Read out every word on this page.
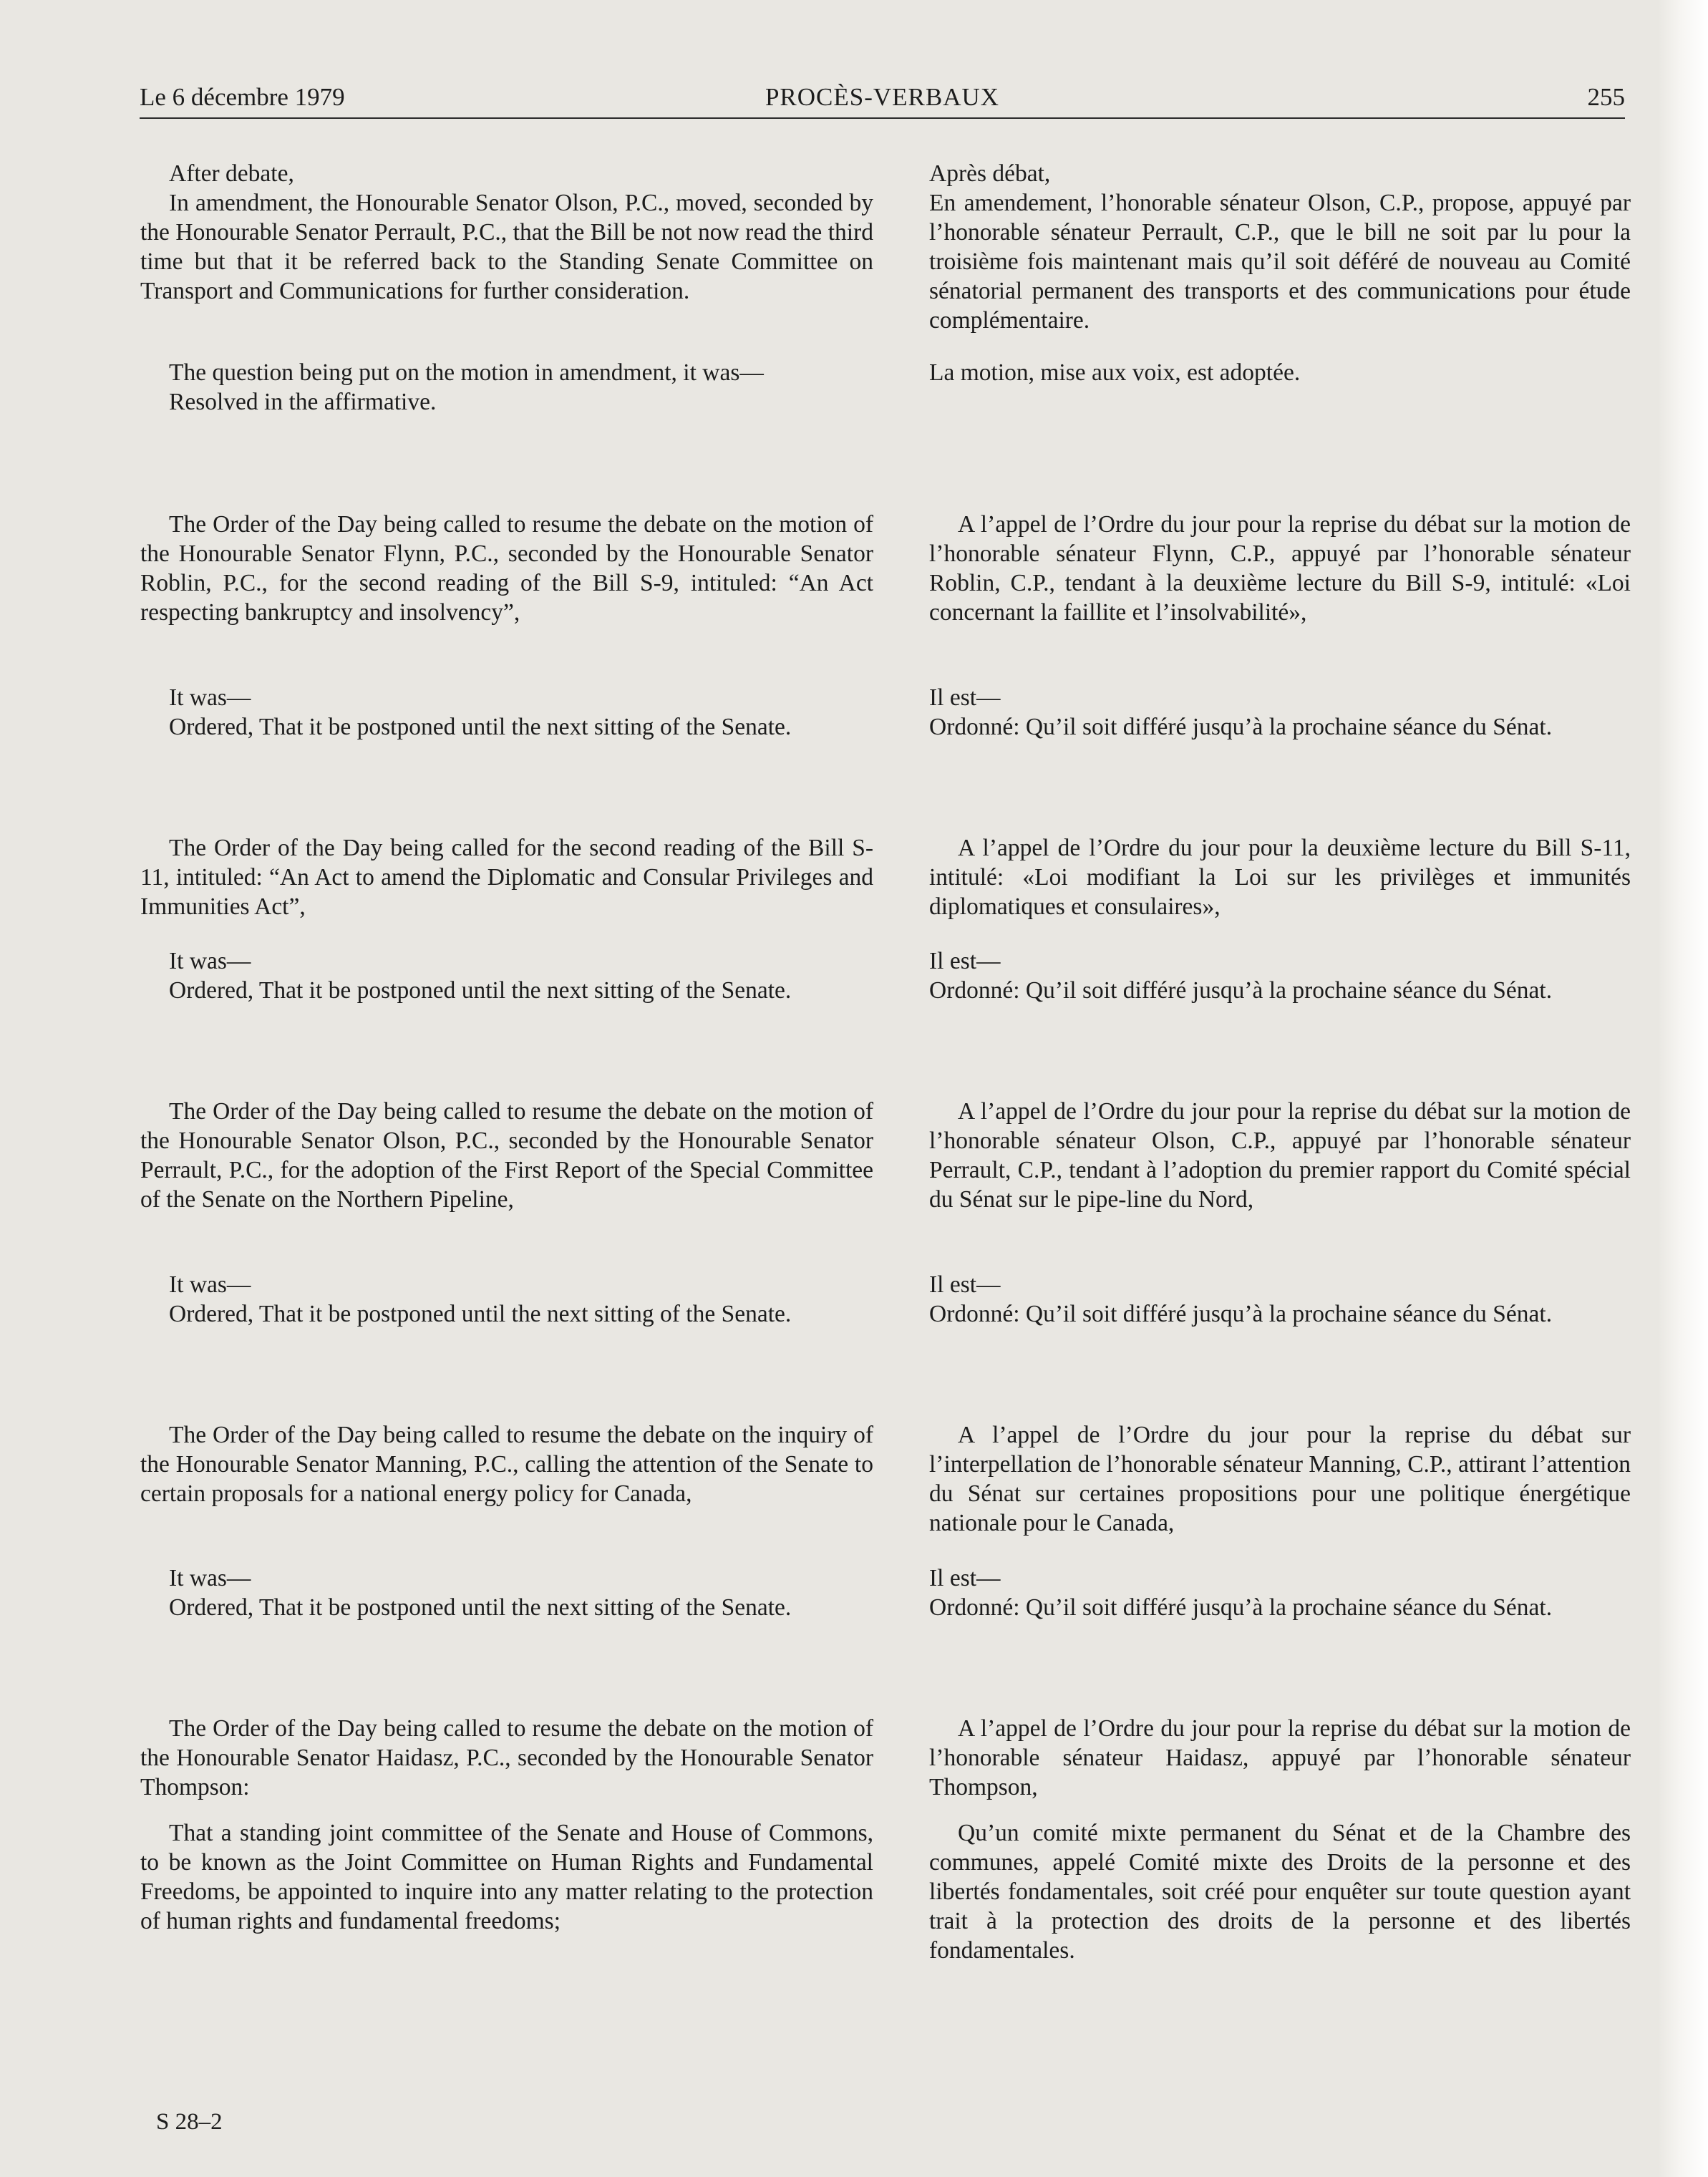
Le 6 décembre 1979	PROCÈS-VERBAUX	255

After debate,

In amendment, the Honourable Senator Olson, P.C., moved, seconded by the Honourable Senator Perrault, P.C., that the Bill be not now read the third time but that it be referred back to the Standing Senate Committee on Transport and Communications for further consideration.

The question being put on the motion in amendment, it was—

Resolved in the affirmative.

The Order of the Day being called to resume the debate on the motion of the Honourable Senator Flynn, P.C., seconded by the Honourable Senator Roblin, P.C., for the second reading of the Bill S-9, intituled: “An Act respecting bankruptcy and insolvency”,

It was—

Ordered, That it be postponed until the next sitting of the Senate.

The Order of the Day being called for the second reading of the Bill S-11, intituled: “An Act to amend the Diplomatic and Consular Privileges and Immunities Act”,

It was—

Ordered, That it be postponed until the next sitting of the Senate.

The Order of the Day being called to resume the debate on the motion of the Honourable Senator Olson, P.C., seconded by the Honourable Senator Perrault, P.C., for the adoption of the First Report of the Special Committee of the Senate on the Northern Pipeline,

It was—

Ordered, That it be postponed until the next sitting of the Senate.

The Order of the Day being called to resume the debate on the inquiry of the Honourable Senator Manning, P.C., calling the attention of the Senate to certain proposals for a national energy policy for Canada,

It was—

Ordered, That it be postponed until the next sitting of the Senate.

The Order of the Day being called to resume the debate on the motion of the Honourable Senator Haidasz, P.C., seconded by the Honourable Senator Thompson:

That a standing joint committee of the Senate and House of Commons, to be known as the Joint Committee on Human Rights and Fundamental Freedoms, be appointed to inquire into any matter relating to the protection of human rights and fundamental freedoms;

Après débat,

En amendement, l’honorable sénateur Olson, C.P., propose, appuyé par l’honorable sénateur Perrault, C.P., que le bill ne soit par lu pour la troisième fois maintenant mais qu’il soit déféré de nouveau au Comité sénatorial permanent des transports et des communications pour étude complémentaire.

La motion, mise aux voix, est adoptée.

A l’appel de l’Ordre du jour pour la reprise du débat sur la motion de l’honorable sénateur Flynn, C.P., appuyé par l’honorable sénateur Roblin, C.P., tendant à la deuxième lecture du Bill S-9, intitulé: «Loi concernant la faillite et l’insolvabilité»,

Il est—

Ordonné: Qu’il soit différé jusqu’à la prochaine séance du Sénat.

A l’appel de l’Ordre du jour pour la deuxième lecture du Bill S-11, intitulé: «Loi modifiant la Loi sur les privilèges et immunités diplomatiques et consulaires»,

Il est—

Ordonné: Qu’il soit différé jusqu’à la prochaine séance du Sénat.

A l’appel de l’Ordre du jour pour la reprise du débat sur la motion de l’honorable sénateur Olson, C.P., appuyé par l’honorable sénateur Perrault, C.P., tendant à l’adoption du premier rapport du Comité spécial du Sénat sur le pipe-line du Nord,

Il est—

Ordonné: Qu’il soit différé jusqu’à la prochaine séance du Sénat.

A l’appel de l’Ordre du jour pour la reprise du débat sur l’interpellation de l’honorable sénateur Manning, C.P., attirant l’attention du Sénat sur certaines propositions pour une politique énergétique nationale pour le Canada,

Il est—

Ordonné: Qu’il soit différé jusqu’à la prochaine séance du Sénat.

A l’appel de l’Ordre du jour pour la reprise du débat sur la motion de l’honorable sénateur Haidasz, appuyé par l’honorable sénateur Thompson,

Qu’un comité mixte permanent du Sénat et de la Chambre des communes, appelé Comité mixte des Droits de la personne et des libertés fondamentales, soit créé pour enquêter sur toute question ayant trait à la protection des droits de la personne et des libertés fondamentales.

S 28–2
